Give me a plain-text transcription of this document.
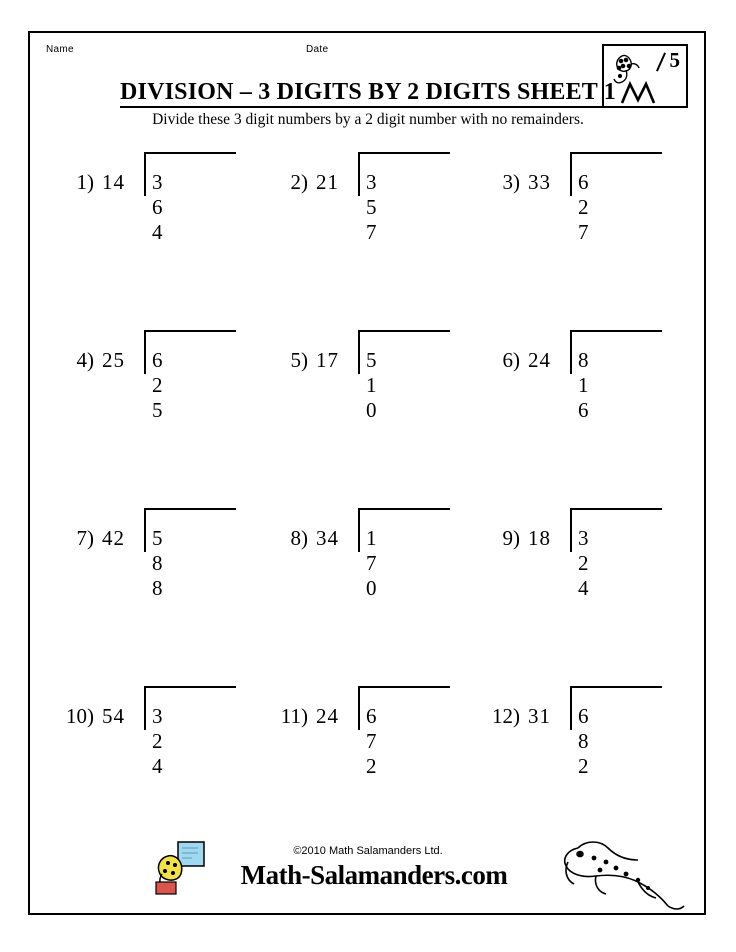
Name	Date	5
DIVISION – 3 DIGITS BY 2 DIGITS SHEET 1
Divide these 3 digit numbers by a 2 digit number with no remainders.
1) 14 3 6 4
2) 21 3 5 7
3) 33 6 2 7
4) 25 6 2 5
5) 17 5 1 0
6) 24 8 1 6
7) 42 5 8 8
8) 34 1 7 0
9) 18 3 2 4
10) 54 3 2 4
11) 24 6 7 2
12) 31 6 8 2
©2010 Math Salamanders Ltd.
Math-Salamanders.com
